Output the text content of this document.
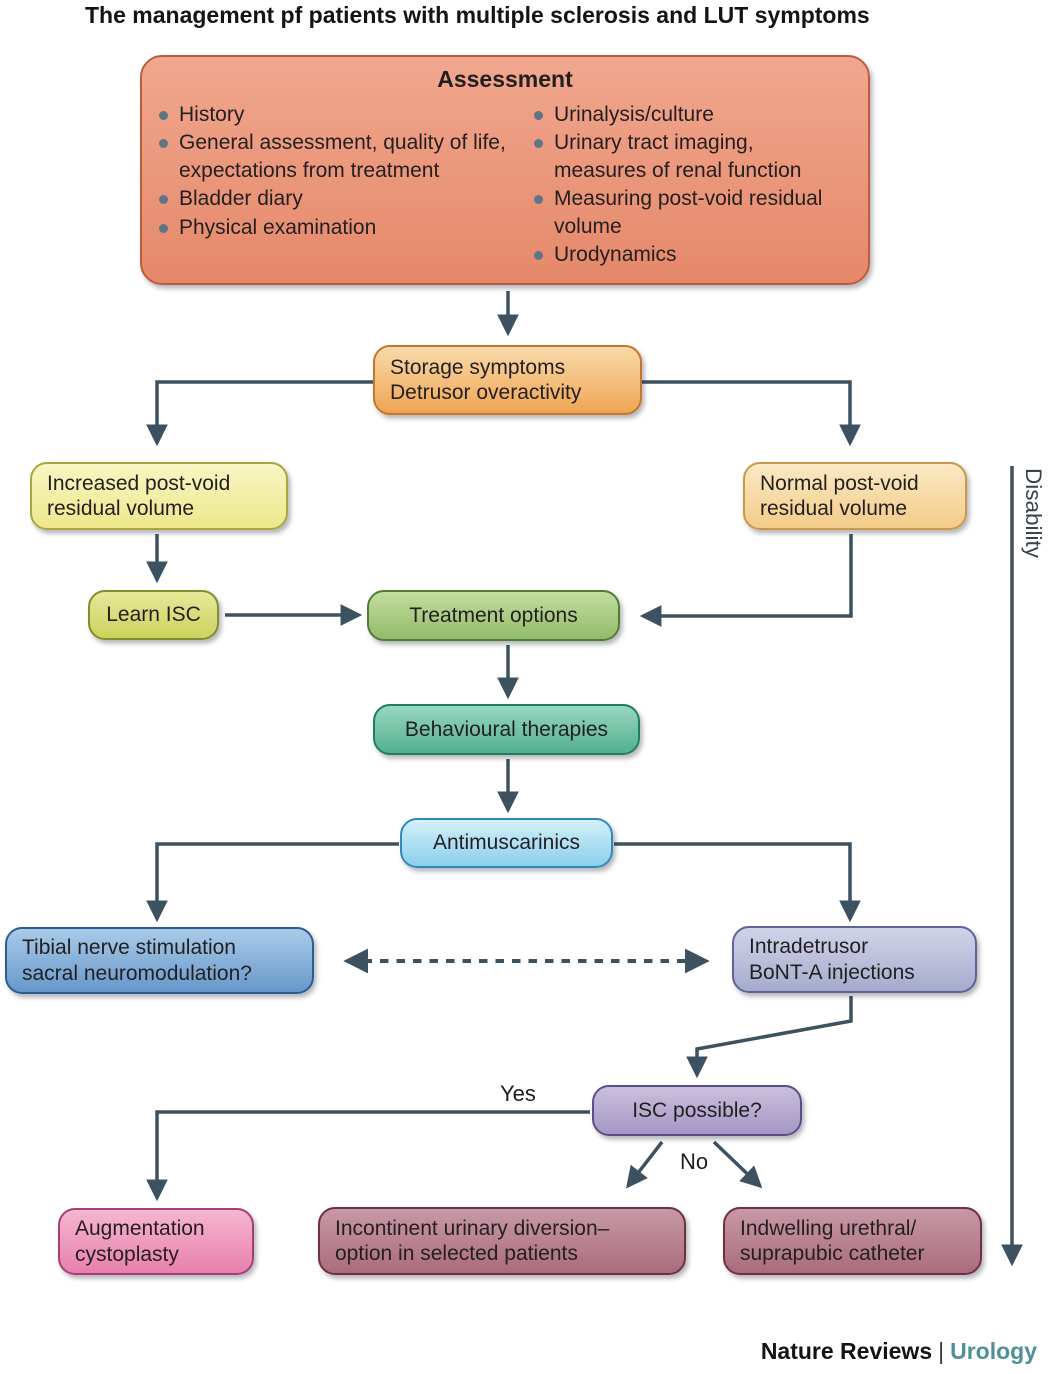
The management pf patients with multiple sclerosis and LUT symptoms
Assessment
History
General assessment, quality of life, expectations from treatment
Bladder diary
Physical examination
Urinalysis/culture
Urinary tract imaging, measures of renal function
Measuring post-void residual volume
Urodynamics
Storage symptoms
Detrusor overactivity
Increased post-void
residual volume
Normal post-void
residual volume
Learn ISC	Treatment options
Behavioural therapies
Antimuscarinics
Tibial nerve stimulation
sacral neuromodulation?
Intradetrusor
BoNT-A injections
ISC possible?
Augmentation
cystoplasty
Incontinent urinary diversion–
option in selected patients
Indwelling urethral/
suprapubic catheter
Yes
No
Disability
Nature Reviews | Urology
